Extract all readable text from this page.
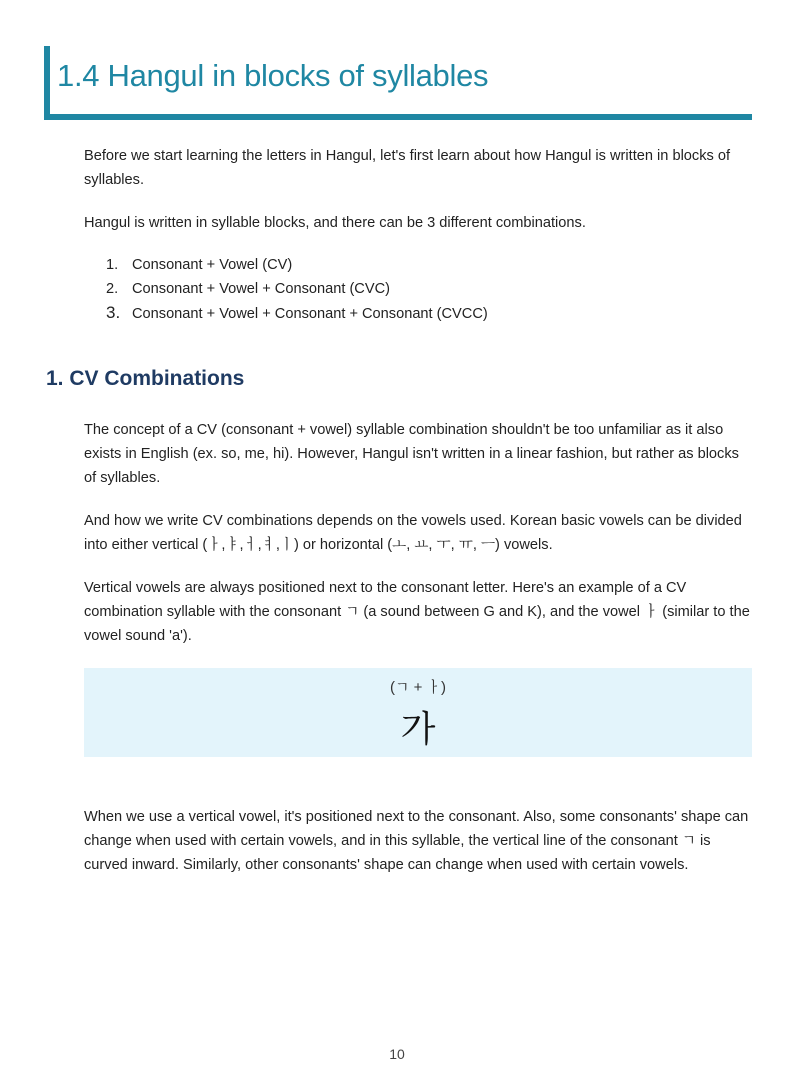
1.4 Hangul in blocks of syllables

Before we start learning the letters in Hangul, let's first learn about how Hangul is written in blocks of syllables.

Hangul is written in syllable blocks, and there can be 3 different combinations.

1. Consonant + Vowel (CV)
2. Consonant + Vowel + Consonant (CVC)
3. Consonant + Vowel + Consonant + Consonant (CVCC)
1. CV Combinations

The concept of a CV (consonant + vowel) syllable combination shouldn't be too unfamiliar as it also exists in English (ex. so, me, hi). However, Hangul isn't written in a linear fashion, but rather as blocks of syllables.

And how we write CV combinations depends on the vowels used. Korean basic vowels can be divided into either vertical (ㅏ,ㅑ,ㅓ,ㅕ,ㅣ) or horizontal (ㅗ, ㅛ, ㅜ, ㅠ, ㅡ) vowels.

Vertical vowels are always positioned next to the consonant letter. Here's an example of a CV combination syllable with the consonant ㄱ (a sound between G and K), and the vowel ㅏ (similar to the vowel sound 'a').

(ㄱ + ㅏ)
가

When we use a vertical vowel, it's positioned next to the consonant. Also, some consonants' shape can change when used with certain vowels, and in this syllable, the vertical line of the consonant ㄱ is curved inward. Similarly, other consonants' shape can change when used with certain vowels.

10
